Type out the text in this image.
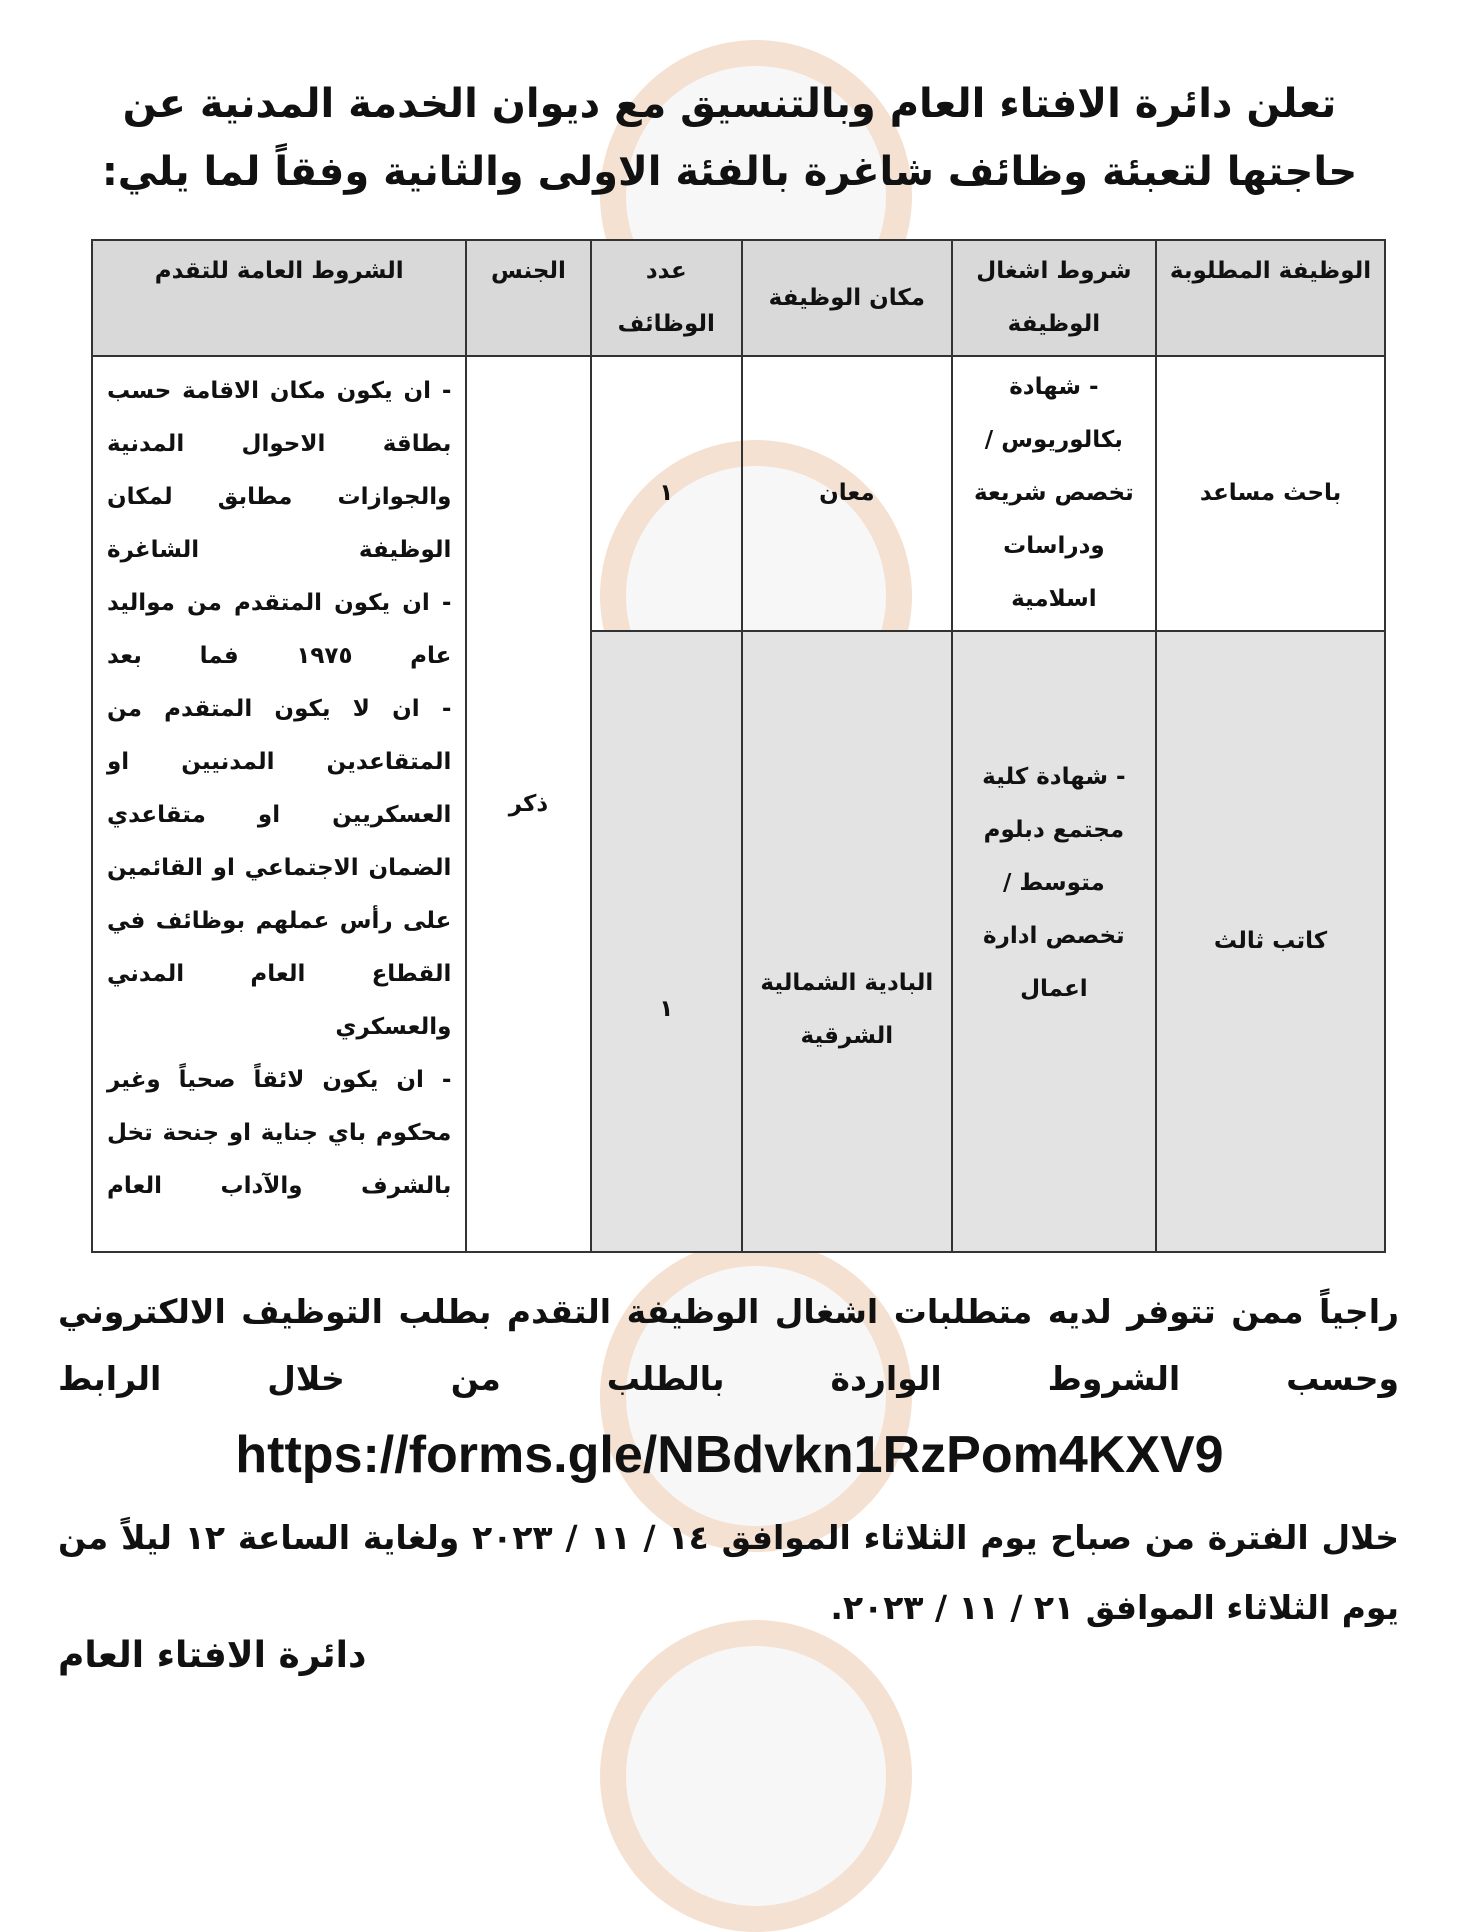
تعلن دائرة الافتاء العام وبالتنسيق مع ديوان الخدمة المدنية عن حاجتها لتعبئة وظائف شاغرة بالفئة الاولى والثانية وفقاً لما يلي:
الوظيفة المطلوبة	شروط اشغال الوظيفة	مكان الوظيفة	عدد الوظائف	الجنس	الشروط العامة للتقدم
باحث مساعد	- شهادة بكالوريوس / تخصص شريعة ودراسات اسلامية	معان	١	ذكر	- ان يكون مكان الاقامة حسب بطاقة الاحوال المدنية والجوازات مطابق لمكان الوظيفة الشاغرة
- ان يكون المتقدم من مواليد عام ١٩٧٥ فما بعد
- ان لا يكون المتقدم من المتقاعدين المدنيين او العسكريين او متقاعدي الضمان الاجتماعي او القائمين على رأس عملهم بوظائف في القطاع العام المدني والعسكري
- ان يكون لائقاً صحياً وغير محكوم باي جناية او جنحة تخل بالشرف والآداب العام

كاتب ثالث	- شهادة كلية مجتمع دبلوم متوسط / تخصص ادارة اعمال	البادية الشمالية الشرقية	١		
راجياً ممن تتوفر لديه متطلبات اشغال الوظيفة التقدم بطلب التوظيف الالكتروني وحسب الشروط الواردة بالطلب من خلال الرابط
https://forms.gle/NBdvkn1RzPom4KXV9
خلال الفترة من صباح يوم الثلاثاء الموافق ١٤ / ١١ / ٢٠٢٣ ولغاية الساعة ١٢ ليلاً من يوم الثلاثاء الموافق ٢١ / ١١ / ٢٠٢٣.
دائرة الافتاء العام
